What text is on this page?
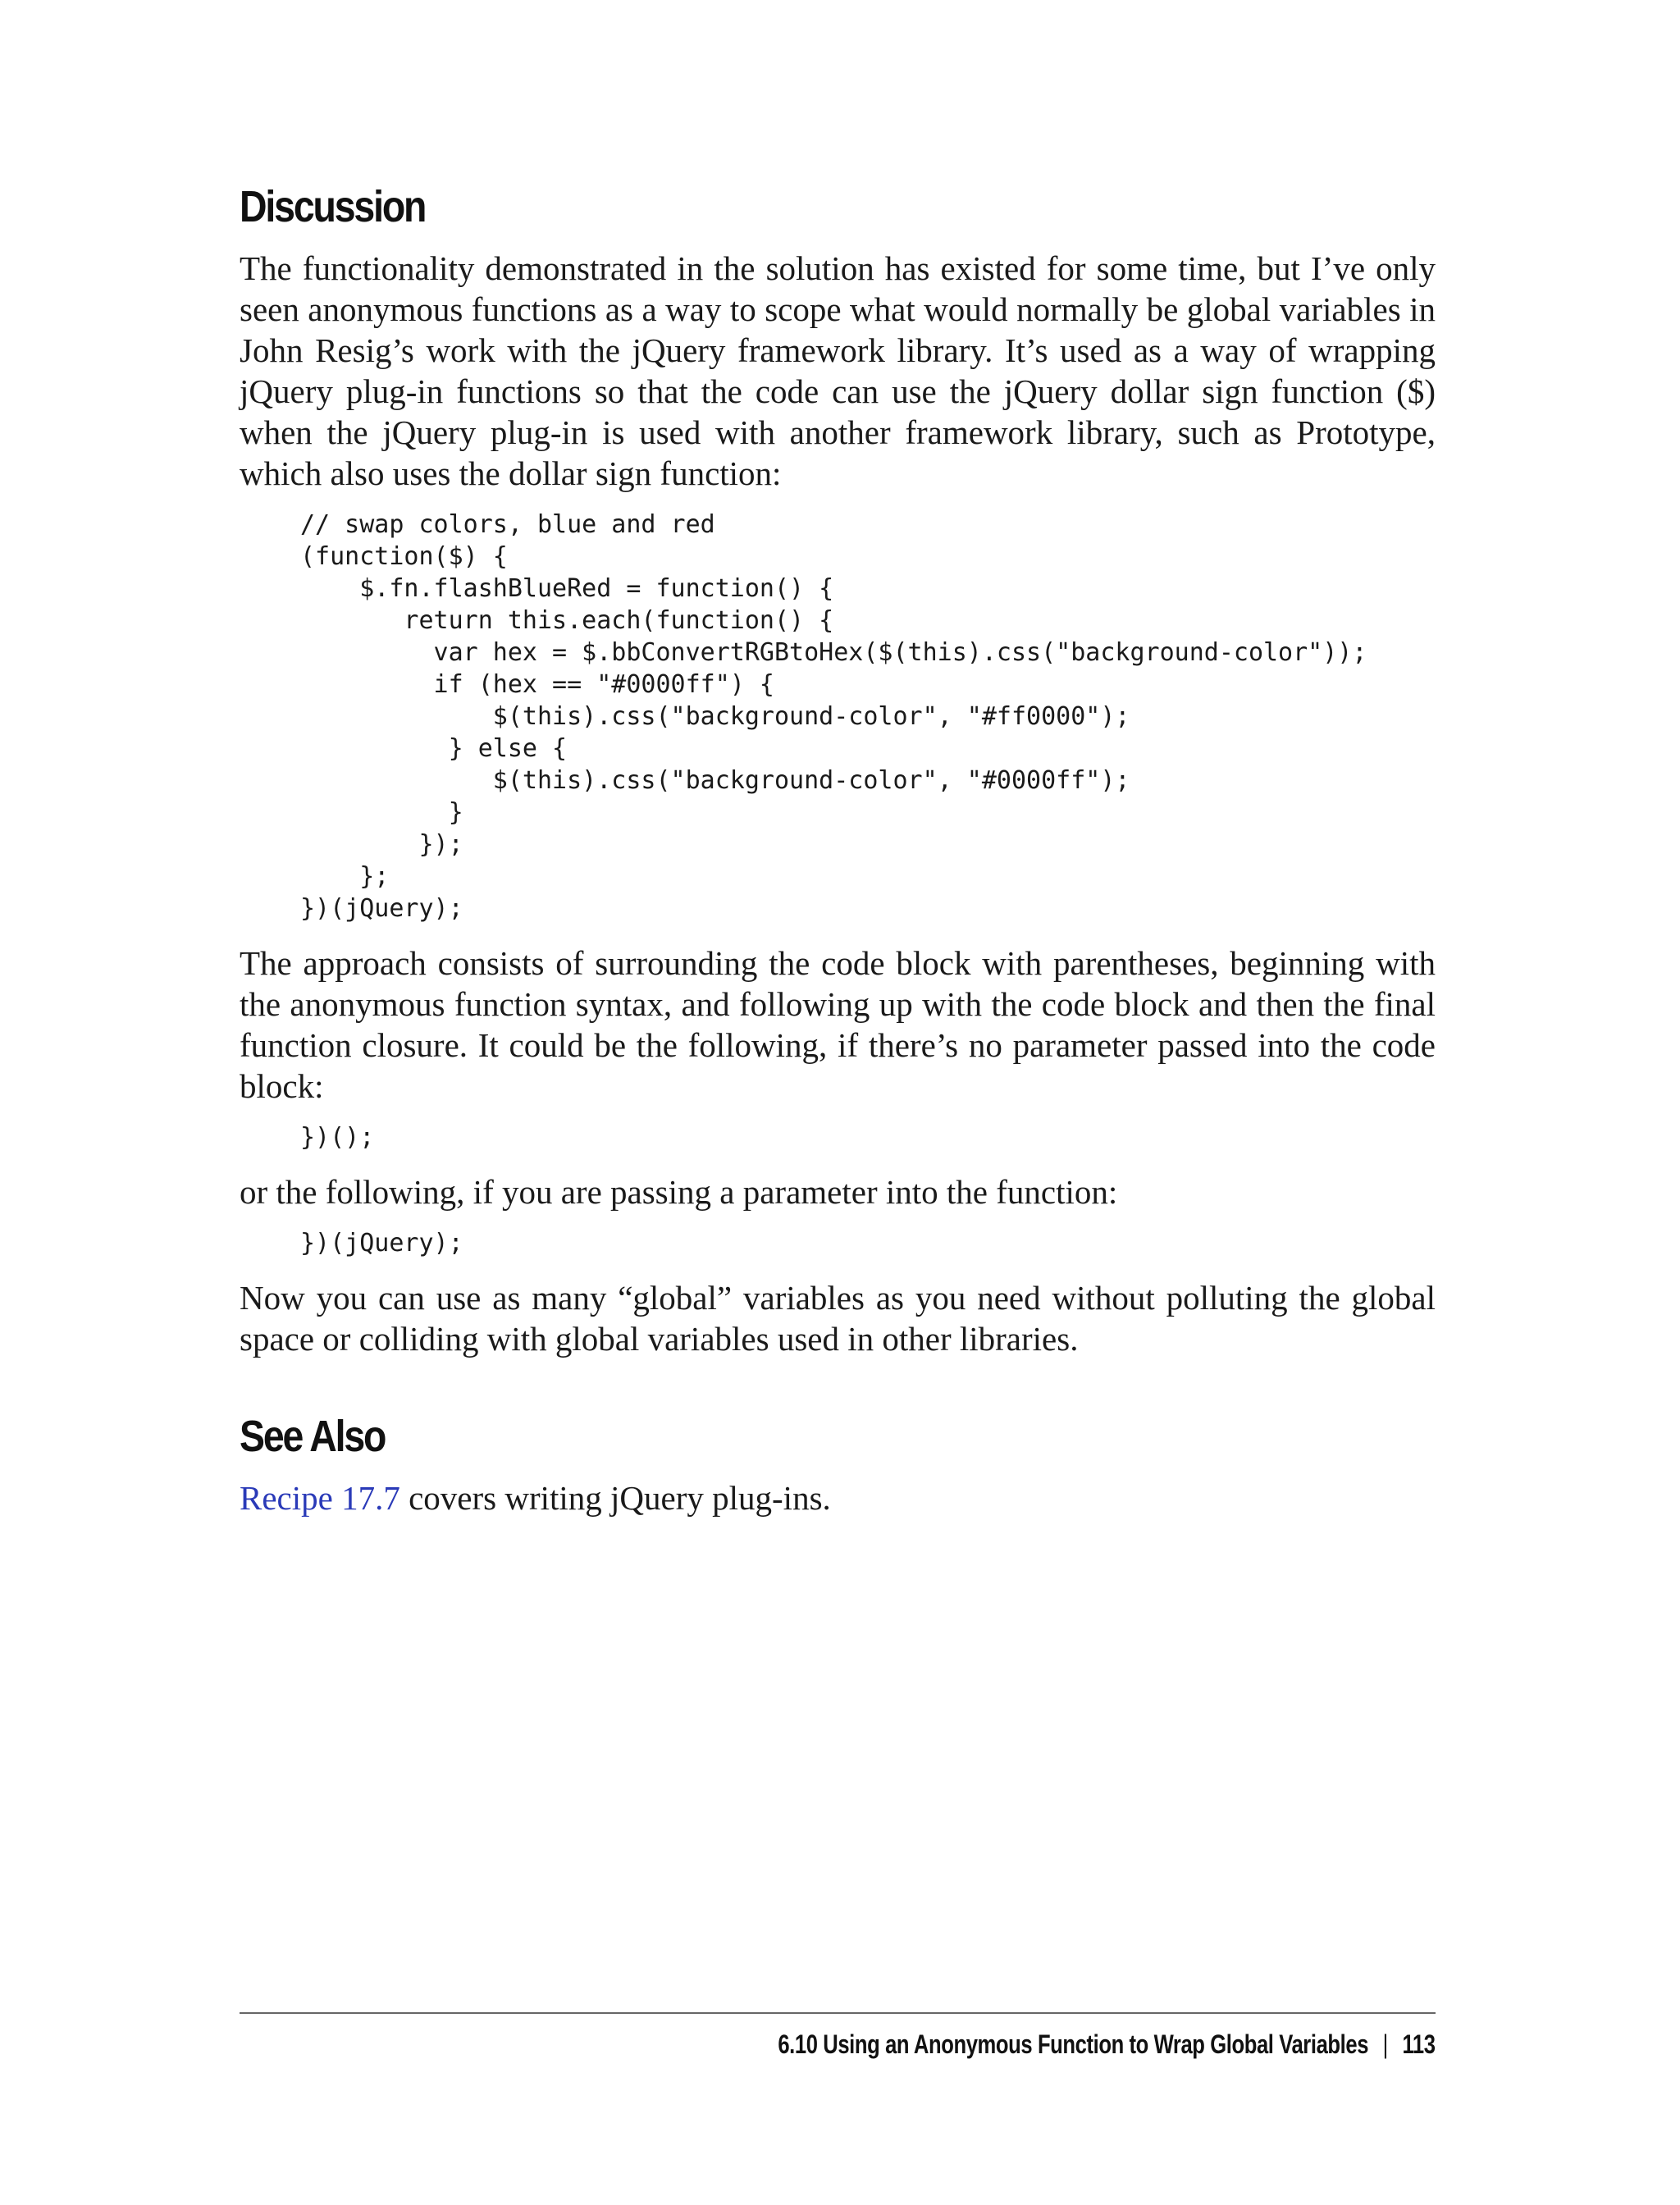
Discussion

The functionality demonstrated in the solution has existed for some time, but I’ve only seen anonymous functions as a way to scope what would normally be global variables in John Resig’s work with the jQuery framework library. It’s used as a way of wrapping jQuery plug-in functions so that the code can use the jQuery dollar sign function ($) when the jQuery plug-in is used with another framework library, such as Prototype, which also uses the dollar sign function:

// swap colors, blue and red
(function($) {
$.fn.flashBlueRed = function() {
return this.each(function() {
var hex = $.bbConvertRGBtoHex($(this).css("background-color"));
if (hex == "#0000ff") {
$(this).css("background-color", "#ff0000");
} else {
$(this).css("background-color", "#0000ff");
}
});
};
})(jQuery);

The approach consists of surrounding the code block with parentheses, beginning with the anonymous function syntax, and following up with the code block and then the final function closure. It could be the following, if there’s no parameter passed into the code block:

})();

or the following, if you are passing a parameter into the function:

})(jQuery);

Now you can use as many “global” variables as you need without polluting the global space or colliding with global variables used in other libraries.

See Also

Recipe 17.7 covers writing jQuery plug-ins.

6.10 Using an Anonymous Function to Wrap Global Variables | 113
